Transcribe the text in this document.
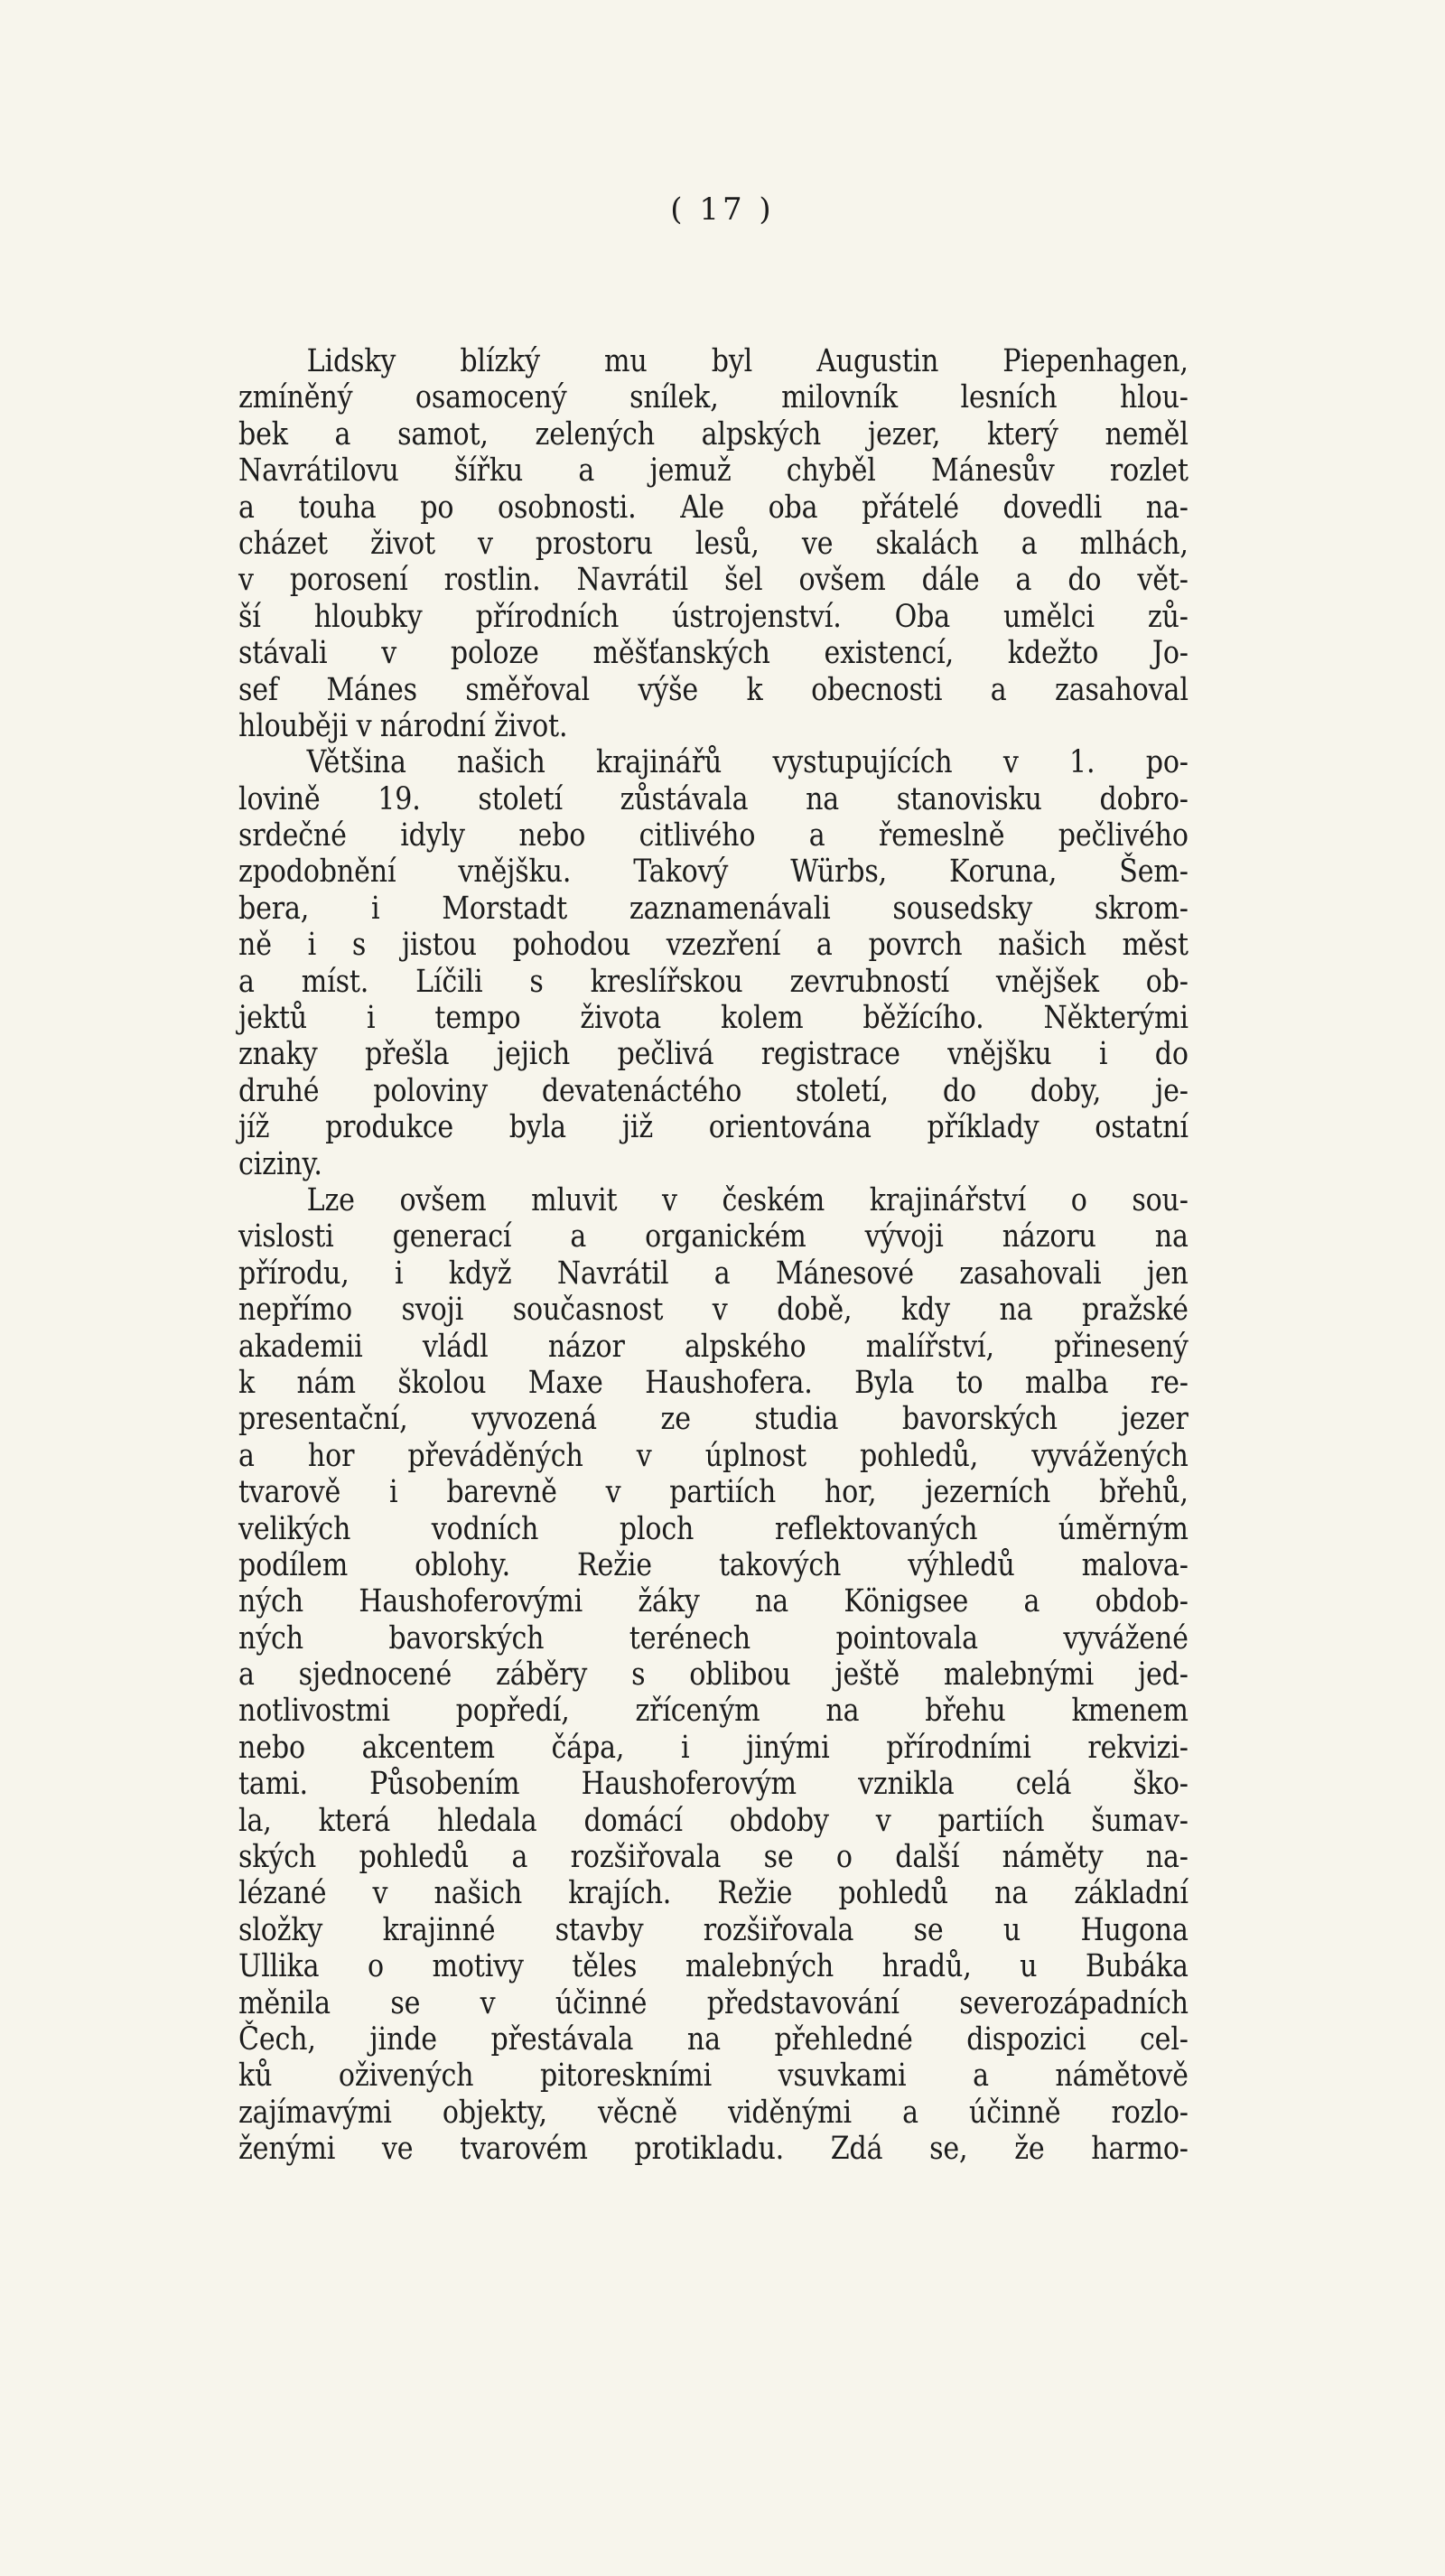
( 17 )
Lidsky blízký mu byl Augustin Piepenhagen,
zmíněný osamocený snílek, milovník lesních hlou-
bek a samot, zelených alpských jezer, který neměl
Navrátilovu šířku a jemuž chyběl Mánesův rozlet
a touha po osobnosti. Ale oba přátelé dovedli na-
cházet život v prostoru lesů, ve skalách a mlhách,
v porosení rostlin. Navrátil šel ovšem dále a do vět-
ší hloubky přírodních ústrojenství. Oba umělci zů-
stávali v poloze měšťanských existencí, kdežto Jo-
sef Mánes směřoval výše k obecnosti a zasahoval
hlouběji v národní život.
Většina našich krajinářů vystupujících v 1. po-
lovině 19. století zůstávala na stanovisku dobro-
srdečné idyly nebo citlivého a řemeslně pečlivého
zpodobnění vnějšku. Takový Würbs, Koruna, Šem-
bera, i Morstadt zaznamenávali sousedsky skrom-
ně i s jistou pohodou vzezření a povrch našich měst
a míst. Líčili s kreslířskou zevrubností vnějšek ob-
jektů i tempo života kolem běžícího. Některými
znaky přešla jejich pečlivá registrace vnějšku i do
druhé poloviny devatenáctého století, do doby, je-
jíž produkce byla již orientována příklady ostatní
ciziny.
Lze ovšem mluvit v českém krajinářství o sou-
vislosti generací a organickém vývoji názoru na
přírodu, i když Navrátil a Mánesové zasahovali jen
nepřímo svoji současnost v době, kdy na pražské
akademii vládl názor alpského malířství, přinesený
k nám školou Maxe Haushofera. Byla to malba re-
presentační, vyvozená ze studia bavorských jezer
a hor převáděných v úplnost pohledů, vyvážených
tvarově i barevně v partiích hor, jezerních břehů,
velikých vodních ploch reflektovaných úměrným
podílem oblohy. Režie takových výhledů malova-
ných Haushoferovými žáky na Königsee a obdob-
ných bavorských terénech pointovala vyvážené
a sjednocené záběry s oblibou ještě malebnými jed-
notlivostmi popředí, zříceným na břehu kmenem
nebo akcentem čápa, i jinými přírodními rekvizi-
tami. Působením Haushoferovým vznikla celá ško-
la, která hledala domácí obdoby v partiích šumav-
ských pohledů a rozšiřovala se o další náměty na-
lézané v našich krajích. Režie pohledů na základní
složky krajinné stavby rozšiřovala se u Hugona
Ullika o motivy těles malebných hradů, u Bubáka
měnila se v účinné představování severozápadních
Čech, jinde přestávala na přehledné dispozici cel-
ků oživených pitoreskními vsuvkami a námětově
zajímavými objekty, věcně viděnými a účinně rozlo-
ženými ve tvarovém protikladu. Zdá se, že harmo-
